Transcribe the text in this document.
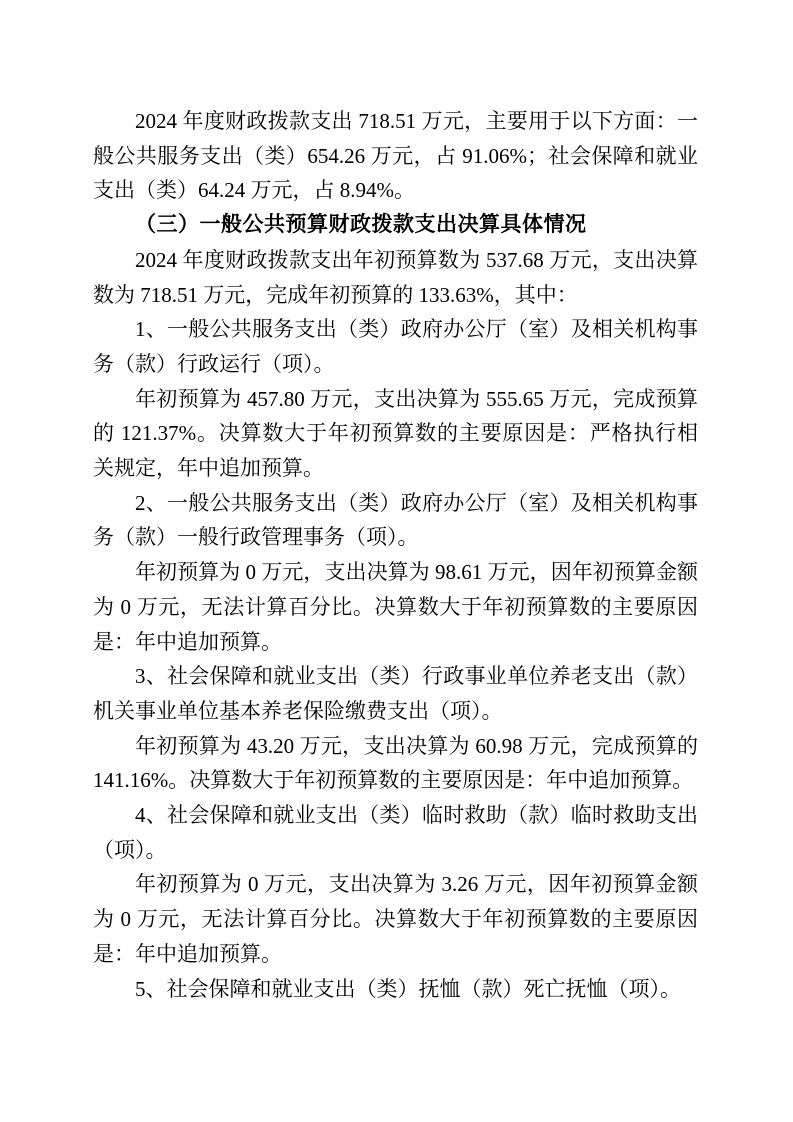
2024 年度财政拨款支出 718.51 万元，主要用于以下方面：一般公共服务支出（类）654.26 万元，占 91.06%；社会保障和就业支出（类）64.24 万元，占 8.94%。

（三）一般公共预算财政拨款支出决算具体情况

2024 年度财政拨款支出年初预算数为 537.68 万元，支出决算数为 718.51 万元，完成年初预算的 133.63%，其中：

1、一般公共服务支出（类）政府办公厅（室）及相关机构事务（款）行政运行（项）。

年初预算为 457.80 万元，支出决算为 555.65 万元，完成预算的 121.37%。决算数大于年初预算数的主要原因是：严格执行相关规定，年中追加预算。

2、一般公共服务支出（类）政府办公厅（室）及相关机构事务（款）一般行政管理事务（项）。

年初预算为 0 万元，支出决算为 98.61 万元，因年初预算金额为 0 万元，无法计算百分比。决算数大于年初预算数的主要原因是：年中追加预算。

3、社会保障和就业支出（类）行政事业单位养老支出（款）机关事业单位基本养老保险缴费支出（项）。

年初预算为 43.20 万元，支出决算为 60.98 万元，完成预算的 141.16%。决算数大于年初预算数的主要原因是：年中追加预算。

4、社会保障和就业支出（类）临时救助（款）临时救助支出（项）。

年初预算为 0 万元，支出决算为 3.26 万元，因年初预算金额为 0 万元，无法计算百分比。决算数大于年初预算数的主要原因是：年中追加预算。

5、社会保障和就业支出（类）抚恤（款）死亡抚恤（项）。
